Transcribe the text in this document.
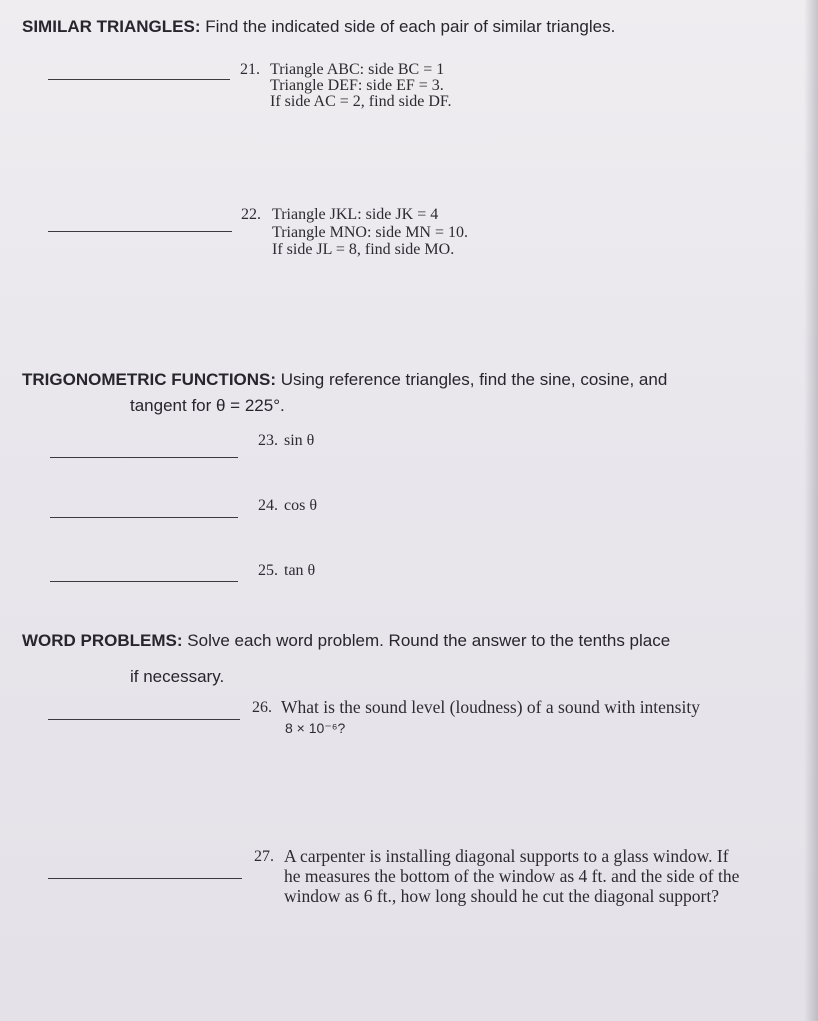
SIMILAR TRIANGLES: Find the indicated side of each pair of similar triangles.
21. Triangle ABC: side BC = 1
Triangle DEF: side EF = 3.
If side AC = 2, find side DF.
22. Triangle JKL: side JK = 4
Triangle MNO: side MN = 10.
If side JL = 8, find side MO.
TRIGONOMETRIC FUNCTIONS: Using reference triangles, find the sine, cosine, and
tangent for θ = 225°.
23. sin θ
24. cos θ
25. tan θ
WORD PROBLEMS: Solve each word problem. Round the answer to the tenths place
if necessary.
26. What is the sound level (loudness) of a sound with intensity
8 × 10⁻⁶?
27. A carpenter is installing diagonal supports to a glass window. If
he measures the bottom of the window as 4 ft. and the side of the
window as 6 ft., how long should he cut the diagonal support?
